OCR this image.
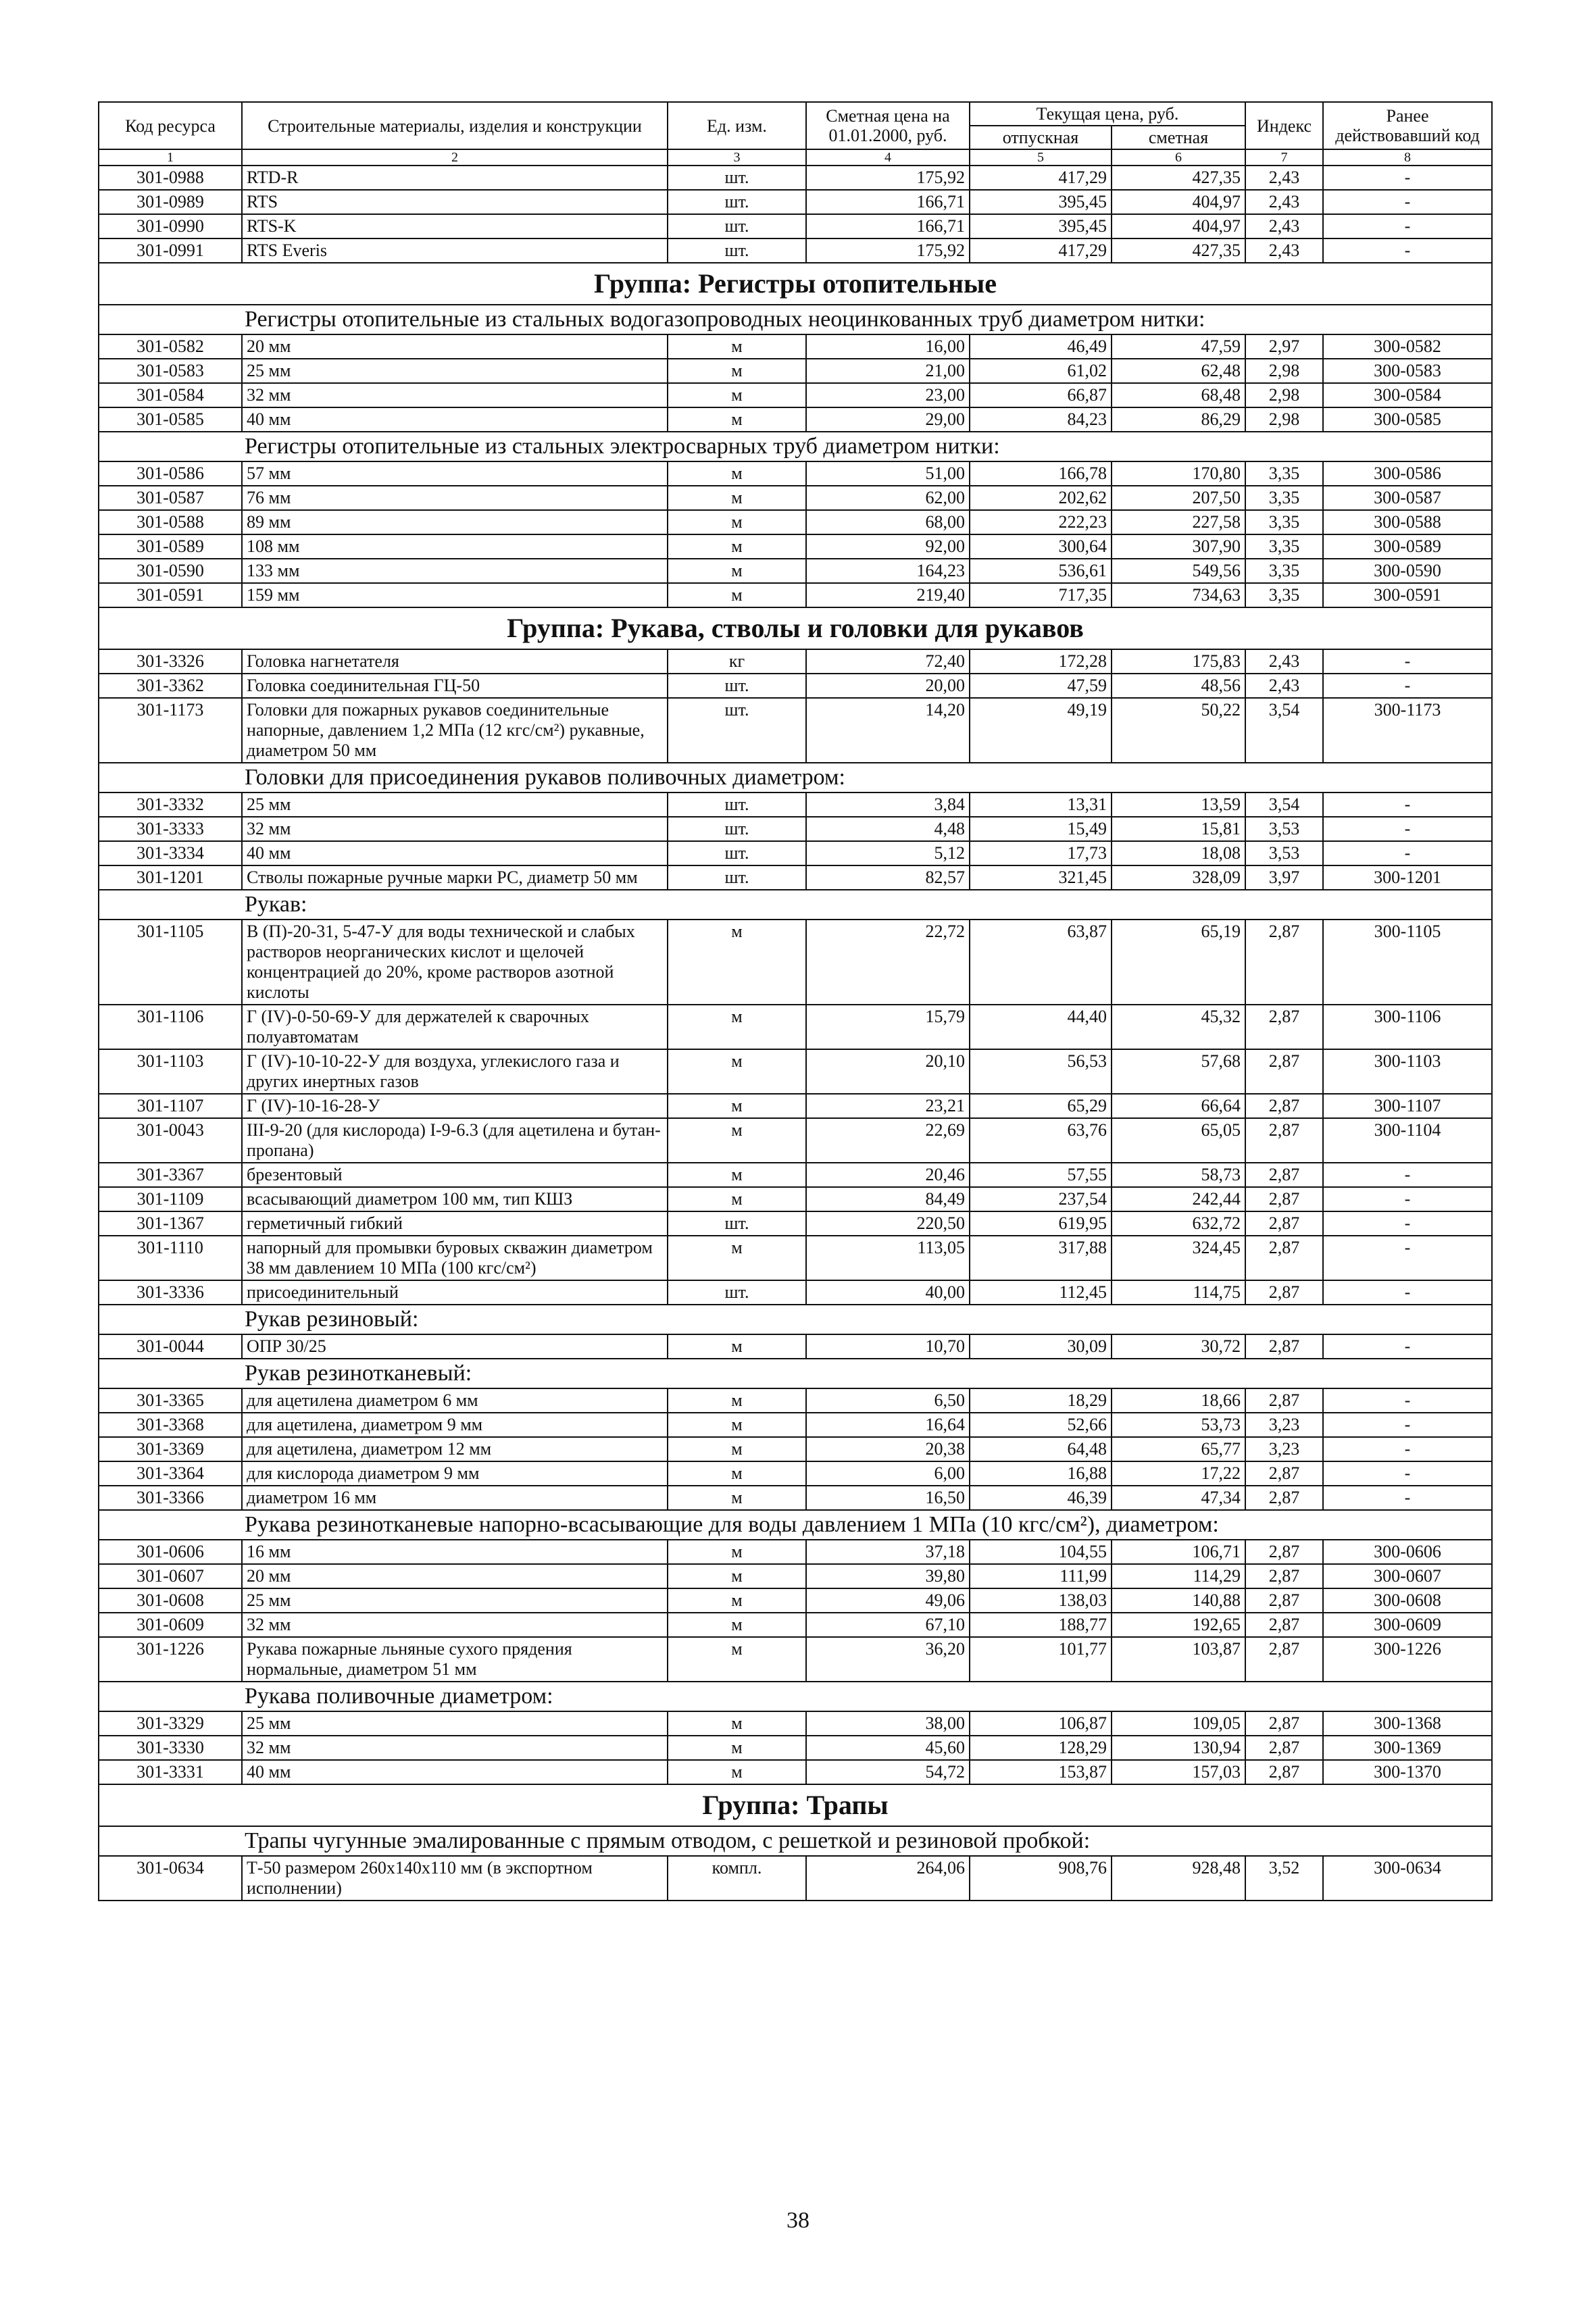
Код ресурса	Строительные материалы, изделия и конструкции	Ед. изм.	Сметная цена на 01.01.2000, руб.	Текущая цена, руб.		Индекс	Ранее действовавший код
				отпускная	сметная		
1	2	3	4	5	6	7	8
301-0988	RTD-R	шт.	175,92	417,29	427,35	2,43	-
301-0989	RTS	шт.	166,71	395,45	404,97	2,43	-
301-0990	RTS-K	шт.	166,71	395,45	404,97	2,43	-
301-0991	RTS Everis	шт.	175,92	417,29	427,35	2,43	-
Группа: Регистры отопительные							
Регистры отопительные из стальных водогазопроводных неоцинкованных труб диаметром нитки:							
301-0582	20 мм	м	16,00	46,49	47,59	2,97	300-0582
301-0583	25 мм	м	21,00	61,02	62,48	2,98	300-0583
301-0584	32 мм	м	23,00	66,87	68,48	2,98	300-0584
301-0585	40 мм	м	29,00	84,23	86,29	2,98	300-0585
Регистры отопительные из стальных электросварных труб диаметром нитки:							
301-0586	57 мм	м	51,00	166,78	170,80	3,35	300-0586
301-0587	76 мм	м	62,00	202,62	207,50	3,35	300-0587
301-0588	89 мм	м	68,00	222,23	227,58	3,35	300-0588
301-0589	108 мм	м	92,00	300,64	307,90	3,35	300-0589
301-0590	133 мм	м	164,23	536,61	549,56	3,35	300-0590
301-0591	159 мм	м	219,40	717,35	734,63	3,35	300-0591
Группа: Рукава, стволы и головки для рукавов							
301-3326	Головка нагнетателя	кг	72,40	172,28	175,83	2,43	-
301-3362	Головка соединительная ГЦ-50	шт.	20,00	47,59	48,56	2,43	-
301-1173	Головки для пожарных рукавов соединительные напорные, давлением 1,2 МПа (12 кгс/см²) рукавные, диаметром 50 мм	шт.	14,20	49,19	50,22	3,54	300-1173
Головки для присоединения рукавов поливочных диаметром:							
301-3332	25 мм	шт.	3,84	13,31	13,59	3,54	-
301-3333	32 мм	шт.	4,48	15,49	15,81	3,53	-
301-3334	40 мм	шт.	5,12	17,73	18,08	3,53	-
301-1201	Стволы пожарные ручные марки РС, диаметр 50 мм	шт.	82,57	321,45	328,09	3,97	300-1201
Рукав:							
301-1105	В (П)-20-31, 5-47-У для воды технической и слабых растворов неорганических кислот и щелочей концентрацией до 20%, кроме растворов азотной кислоты	м	22,72	63,87	65,19	2,87	300-1105
301-1106	Г (IV)-0-50-69-У для держателей к сварочных полуавтоматам	м	15,79	44,40	45,32	2,87	300-1106
301-1103	Г (IV)-10-10-22-У для воздуха, углекислого газа и других инертных газов	м	20,10	56,53	57,68	2,87	300-1103
301-1107	Г (IV)-10-16-28-У	м	23,21	65,29	66,64	2,87	300-1107
301-0043	III-9-20 (для кислорода) I-9-6.3 (для ацетилена и бутан-пропана)	м	22,69	63,76	65,05	2,87	300-1104
301-3367	брезентовый	м	20,46	57,55	58,73	2,87	-
301-1109	всасывающий диаметром 100 мм, тип КШЗ	м	84,49	237,54	242,44	2,87	-
301-1367	герметичный гибкий	шт.	220,50	619,95	632,72	2,87	-
301-1110	напорный для промывки буровых скважин диаметром 38 мм давлением 10 МПа (100 кгс/см²)	м	113,05	317,88	324,45	2,87	-
301-3336	присоединительный	шт.	40,00	112,45	114,75	2,87	-
Рукав резиновый:							
301-0044	ОПР 30/25	м	10,70	30,09	30,72	2,87	-
Рукав резинотканевый:							
301-3365	для ацетилена диаметром 6 мм	м	6,50	18,29	18,66	2,87	-
301-3368	для ацетилена, диаметром 9 мм	м	16,64	52,66	53,73	3,23	-
301-3369	для ацетилена, диаметром 12 мм	м	20,38	64,48	65,77	3,23	-
301-3364	для кислорода диаметром 9 мм	м	6,00	16,88	17,22	2,87	-
301-3366	диаметром 16 мм	м	16,50	46,39	47,34	2,87	-
Рукава резинотканевые напорно-всасывающие для воды давлением 1 МПа (10 кгс/см²), диаметром:							
301-0606	16 мм	м	37,18	104,55	106,71	2,87	300-0606
301-0607	20 мм	м	39,80	111,99	114,29	2,87	300-0607
301-0608	25 мм	м	49,06	138,03	140,88	2,87	300-0608
301-0609	32 мм	м	67,10	188,77	192,65	2,87	300-0609
301-1226	Рукава пожарные льняные сухого прядения нормальные, диаметром 51 мм	м	36,20	101,77	103,87	2,87	300-1226
Рукава поливочные диаметром:							
301-3329	25 мм	м	38,00	106,87	109,05	2,87	300-1368
301-3330	32 мм	м	45,60	128,29	130,94	2,87	300-1369
301-3331	40 мм	м	54,72	153,87	157,03	2,87	300-1370
Группа: Трапы							
Трапы чугунные эмалированные с прямым отводом, с решеткой и резиновой пробкой:							
301-0634	Т-50 размером 260х140х110 мм (в экспортном исполнении)	компл.	264,06	908,76	928,48	3,52	300-0634
38
